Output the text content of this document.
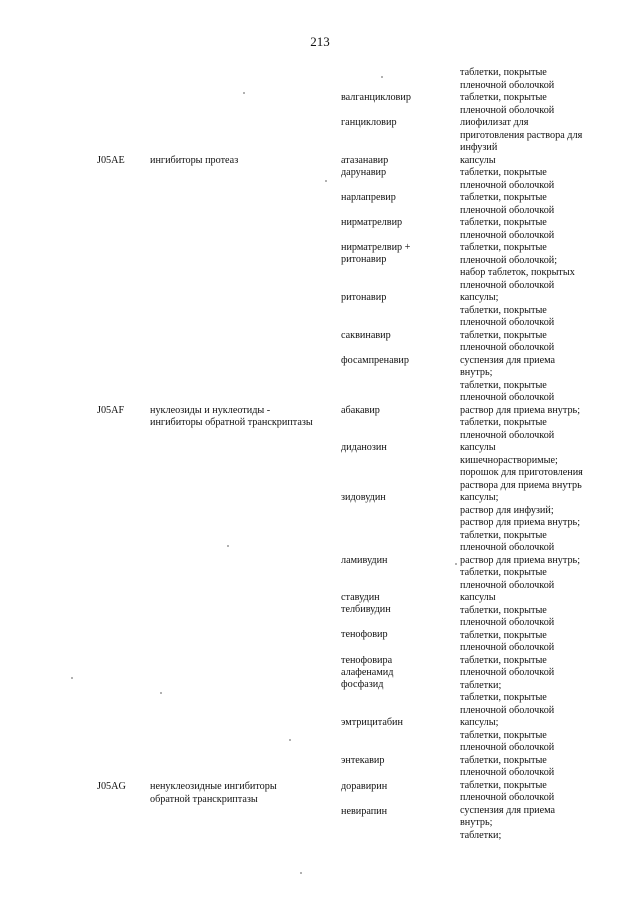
213
J05AE ингибиторы протеаз
J05AF	нуклеозиды и нуклеотиды -
ингибиторы обратной транскриптазы
J05AG ненуклеозидные ингибиторы
обратной транскриптазы
валганцикловир
ганцикловир
атазанавир
дарунавир
нарлапревир
нирматрелвир
нирматрелвир +
ритонавир
ритонавир
саквинавир
фосампренавир
абакавир
диданозин
зидовудин
ламивудин
ставудин
телбивудин
тенофовир
тенофовира
алафенамид
фосфазид
эмтрицитабин
энтекавир
доравирин
невирапин
таблетки, покрытые
пленочной оболочкой
таблетки, покрытые
пленочной оболочкой
лиофилизат для
приготовления раствора для
инфузий
капсулы
таблетки, покрытые
пленочной оболочкой
таблетки, покрытые
пленочной оболочкой
таблетки, покрытые
пленочной оболочкой
таблетки, покрытые
пленочной оболочкой;
набор таблеток, покрытых
пленочной оболочкой
капсулы;
таблетки, покрытые
пленочной оболочкой
таблетки, покрытые
пленочной оболочкой
суспензия для приема
внутрь;
таблетки, покрытые
пленочной оболочкой
раствор для приема внутрь;
таблетки, покрытые
пленочной оболочкой
капсулы
кишечнорастворимые;
порошок для приготовления
раствора для приема внутрь
капсулы;
раствор для инфузий;
раствор для приема внутрь;
таблетки, покрытые
пленочной оболочкой
раствор для приема внутрь;
таблетки, покрытые
пленочной оболочкой
капсулы
таблетки, покрытые
пленочной оболочкой
таблетки, покрытые
пленочной оболочкой
таблетки, покрытые
пленочной оболочкой
таблетки;
таблетки, покрытые
пленочной оболочкой
капсулы;
таблетки, покрытые
пленочной оболочкой
таблетки, покрытые
пленочной оболочкой
таблетки, покрытые
пленочной оболочкой
суспензия для приема
внутрь;
таблетки;
